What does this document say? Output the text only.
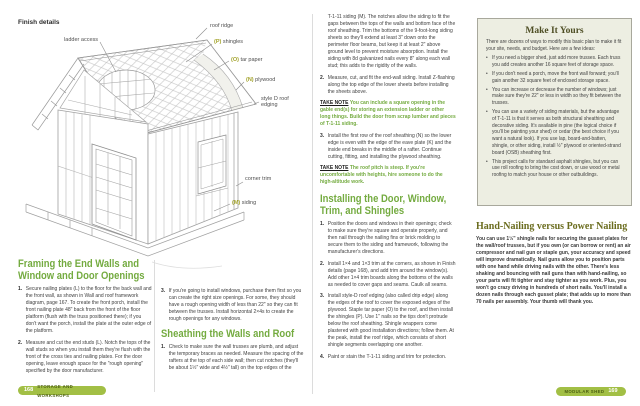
Finish details
ladder access
roof ridge
(P) shingles
(O) tar paper
(N) plywood
style D roof edging
corner trim
(M) siding
Framing the End Walls and Window and Door Openings
1. Secure nailing plates (L) to the floor for the back wall and the front wall, as shown in Wall and roof framework diagram, page 167. To create the front porch, install the front nailing plate 48" back from the front of the floor platform (flush with the truss positioned there); if you don't want the porch, install the plate at the outer edge of the platform.
2. Measure and cut the end studs (L). Notch the tops of the wall studs so when you install them they're flush with the front of the cross ties and nailing plates. For the door opening, leave enough space for the "rough opening" specified by the door manufacturer.
3. If you're going to install windows, purchase them first so you can create the right size openings. For some, they should have a rough opening width of less than 22" so they can fit between the trusses. Install horizontal 2×4s to create the rough openings for any windows.
Sheathing the Walls and Roof
1. Check to make sure the wall trusses are plumb, and adjust the temporary braces as needed. Measure the spacing of the rafters at the top of each side wall; then cut notches (they'll be about 1½" wide and 4½" tall) on the top edges of the
T-1-11 siding (M). The notches allow the siding to fit the gaps between the tops of the walls and bottom face of the roof sheathing. Trim the bottoms of the 9-foot-long siding sheets so they'll extend at least 3" down onto the perimeter floor beams, but keep it at least 2" above ground level to prevent moisture absorption. Install the siding with 8d galvanized nails every 8" along each wall stud; this adds to the rigidity of the walls.
2. Measure, cut, and fit the end-wall siding. Install Z-flashing along the top edge of the lower sheets before installing the sheets above.
TAKE NOTE You can include a square opening in the gable end(s) for storing an extension ladder or other long things. Build the door from scrap lumber and pieces of T-1-11 siding.
3. Install the first row of the roof sheathing (N) so the lower edge is even with the edge of the eave plate (K) and the inside end breaks in the middle of a rafter. Continue cutting, fitting, and installing the plywood sheathing.
TAKE NOTE The roof pitch is steep. If you're uncomfortable with heights, hire someone to do the high-altitude work.
Installing the Door, Window, Trim, and Shingles
1. Position the doors and windows in their openings; check to make sure they're square and operate properly, and then nail through the nailing fins or brick molding to secure them to the siding and framework, following the manufacturer's directions.
2. Install 1×4 and 1×3 trim at the corners, as shown in Finish details (page 168), and add trim around the window(s). Add other 1×4 trim boards along the bottoms of the walls as needed to cover gaps and seams. Caulk all seams.
3. Install style-D roof edging (also called drip edge) along the edges of the roof to cover the exposed edges of the plywood. Staple tar paper (O) to the roof, and then install the shingles (P). Use 1" nails so the tips don't protrude below the roof sheathing. Shingle wrappers come plastered with good installation directions; follow them. At the peak, install the roof ridge, which consists of short shingle segments overlapping one another.
4. Paint or stain the T-1-11 siding and trim for protection.
Make It Yours
There are dozens of ways to modify this basic plan to make it fit your site, needs, and budget. Here are a few ideas:
• If you need a bigger shed, just add more trusses. Each truss you add creates another 16 square feet of storage space.
• If you don't need a porch, move the front wall forward; you'll gain another 32 square feet of enclosed storage space.
• You can increase or decrease the number of windows; just make sure they're 22" or less in width so they fit between the trusses.
• You can use a variety of siding materials, but the advantage of T-1-11 is that it serves as both structural sheathing and decorative siding. It's available in pine (the logical choice if you'll be painting your shed) or cedar (the best choice if you want a natural look). If you use lap, board-and-batten, shingle, or other siding, install ½" plywood or oriented-strand board (OSB) sheathing first.
• This project calls for standard asphalt shingles, but you can use roll roofing to bring the cost down, or use wood or metal roofing to match your house or other outbuildings.
Hand-Nailing versus Power Nailing
You can use 1½" shingle nails for securing the gusset plates for the wall/roof trusses, but if you own (or can borrow or rent) an air compressor and nail gun or staple gun, your accuracy and speed will improve dramatically. Nail guns allow you to position parts with one hand while driving nails with the other. There's less shaking and bouncing with nail guns than with hand-nailing, so your parts will fit tighter and stay tighter as you work. Plus, you won't go crazy driving in hundreds of short nails. You'll install a dozen nails through each gusset plate; that adds up to more than 70 nails per assembly. Your thumb will thank you.
168
STORAGE AND WORKSHOPS
MODULAR SHED 169
